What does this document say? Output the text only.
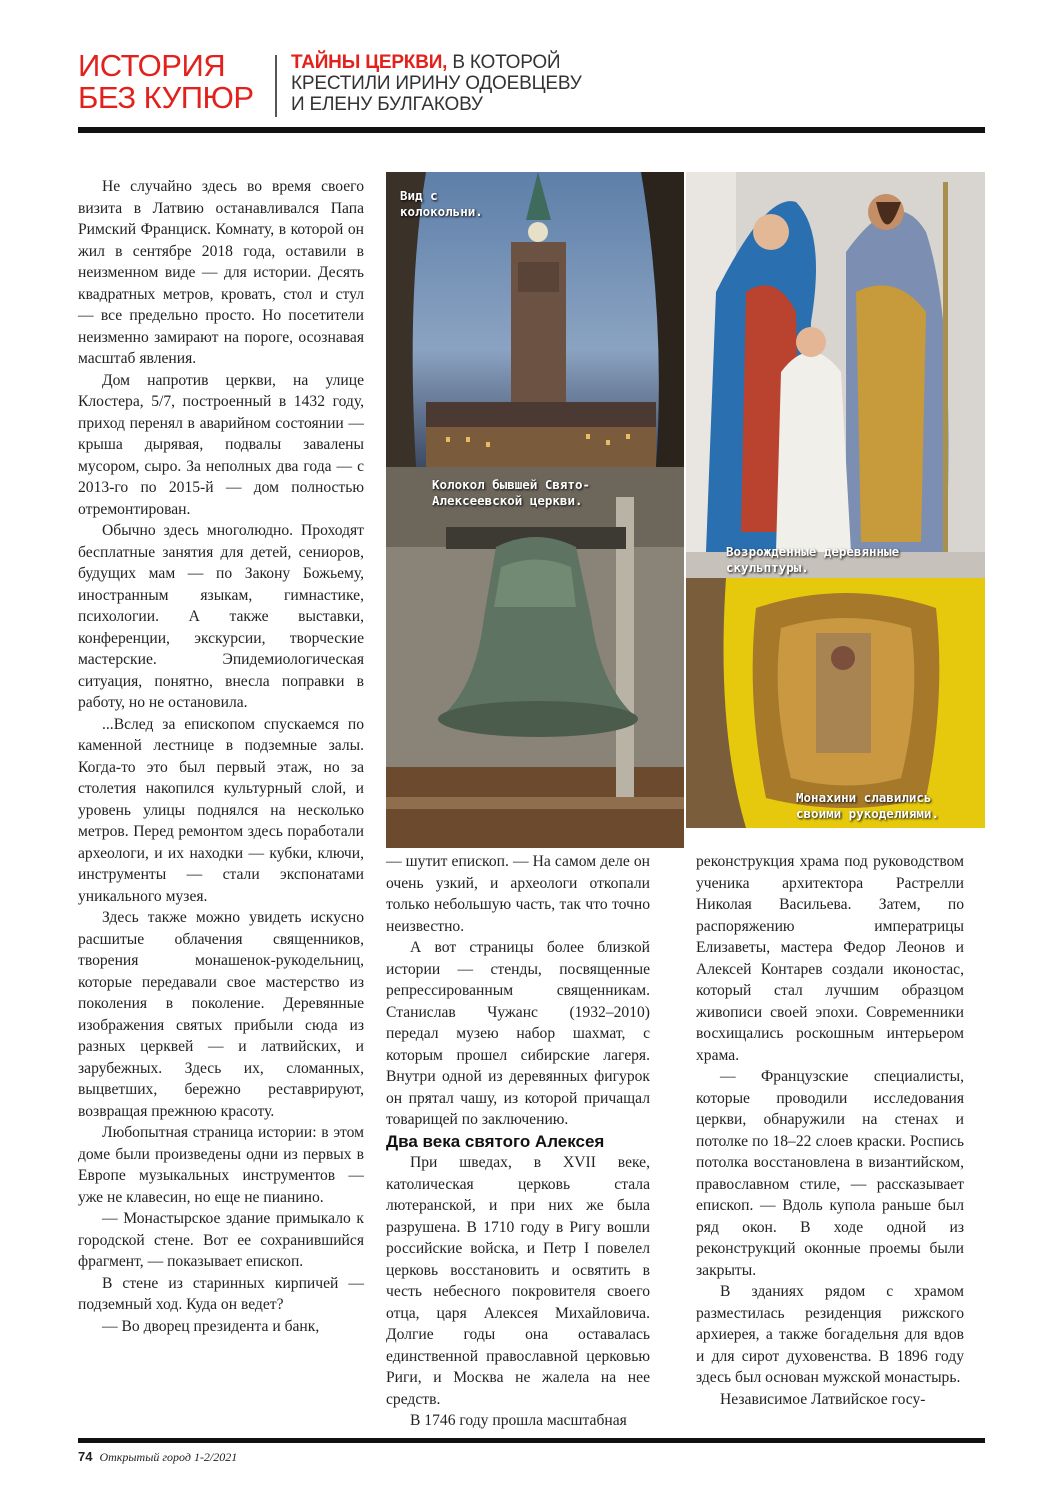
ИСТОРИЯ
БЕЗ КУПЮР
ТАЙНЫ ЦЕРКВИ, В КОТОРОЙ
КРЕСТИЛИ ИРИНУ ОДОЕВЦЕВУ
И ЕЛЕНУ БУЛГАКОВУ

Не случайно здесь во время своего визита в Латвию останавливался Папа Римский Франциск. Комнату, в которой он жил в сентябре 2018 года, оставили в неизменном виде — для истории. Десять квадратных метров, кровать, стол и стул — все предельно просто. Но посетители неизменно замирают на пороге, осознавая масштаб явления.

Дом напротив церкви, на улице Клостера, 5/7, построенный в 1432 году, приход перенял в аварийном состоянии — крыша дырявая, подвалы завалены мусором, сыро. За неполных два года — с 2013-го по 2015-й — дом полностью отремонтирован.

Обычно здесь многолюдно. Проходят бесплатные занятия для детей, сениоров, будущих мам — по Закону Божьему, иностранным языкам, гимнастике, психологии. А также выставки, конференции, экскурсии, творческие мастерские. Эпидемиологическая ситуация, понятно, внесла поправки в работу, но не остановила.

...Вслед за епископом спускаемся по каменной лестнице в подземные залы. Когда-то это был первый этаж, но за столетия накопился культурный слой, и уровень улицы поднялся на несколько метров. Перед ремонтом здесь поработали археологи, и их находки — кубки, ключи, инструменты — стали экспонатами уникального музея.

Здесь также можно увидеть искусно расшитые облачения священников, творения монашенок-рукодельниц, которые передавали свое мастерство из поколения в поколение. Деревянные изображения святых прибыли сюда из разных церквей — и латвийских, и зарубежных. Здесь их, сломанных, выцветших, бережно реставрируют, возвращая прежнюю красоту.

Любопытная страница истории: в этом доме были произведены одни из первых в Европе музыкальных инструментов — уже не клавесин, но еще не пианино.

— Монастырское здание примыкало к городской стене. Вот ее сохранившийся фрагмент, — показывает епископ.

В стене из старинных кирпичей — подземный ход. Куда он ведет?

— Во дворец президента и банк,

Вид с колокольни.
Колокол бывшей Свято-Алексеевской церкви.
Возрожденные деревянные скульптуры.
Монахини славились своими рукоделиями.

— шутит епископ. — На самом деле он очень узкий, и археологи откопали только небольшую часть, так что точно неизвестно.

А вот страницы более близкой истории — стенды, посвященные репрессированным священникам. Станислав Чужанс (1932–2010) передал музею набор шахмат, с которым прошел сибирские лагеря. Внутри одной из деревянных фигурок он прятал чашу, из которой причащал товарищей по заключению.

Два века святого Алексея

При шведах, в XVII веке, католическая церковь стала лютеранской, и при них же была разрушена. В 1710 году в Ригу вошли российские войска, и Петр I повелел церковь восстановить и освятить в честь небесного покровителя своего отца, царя Алексея Михайловича. Долгие годы она оставалась единственной православной церковью Риги, и Москва не жалела на нее средств.

В 1746 году прошла масштабная

реконструкция храма под руководством ученика архитектора Растрелли Николая Васильева. Затем, по распоряжению императрицы Елизаветы, мастера Федор Леонов и Алексей Контарев создали иконостас, который стал лучшим образцом живописи своей эпохи. Современники восхищались роскошным интерьером храма.

— Французские специалисты, которые проводили исследования церкви, обнаружили на стенах и потолке по 18–22 слоев краски. Роспись потолка восстановлена в византийском, православном стиле, — рассказывает епископ. — Вдоль купола раньше был ряд окон. В ходе одной из реконструкций оконные проемы были закрыты.

В зданиях рядом с храмом разместилась резиденция рижского архиерея, а также богадельня для вдов и для сирот духовенства. В 1896 году здесь был основан мужской монастырь.

Независимое Латвийское госу-

74 Открытый город 1-2/2021
